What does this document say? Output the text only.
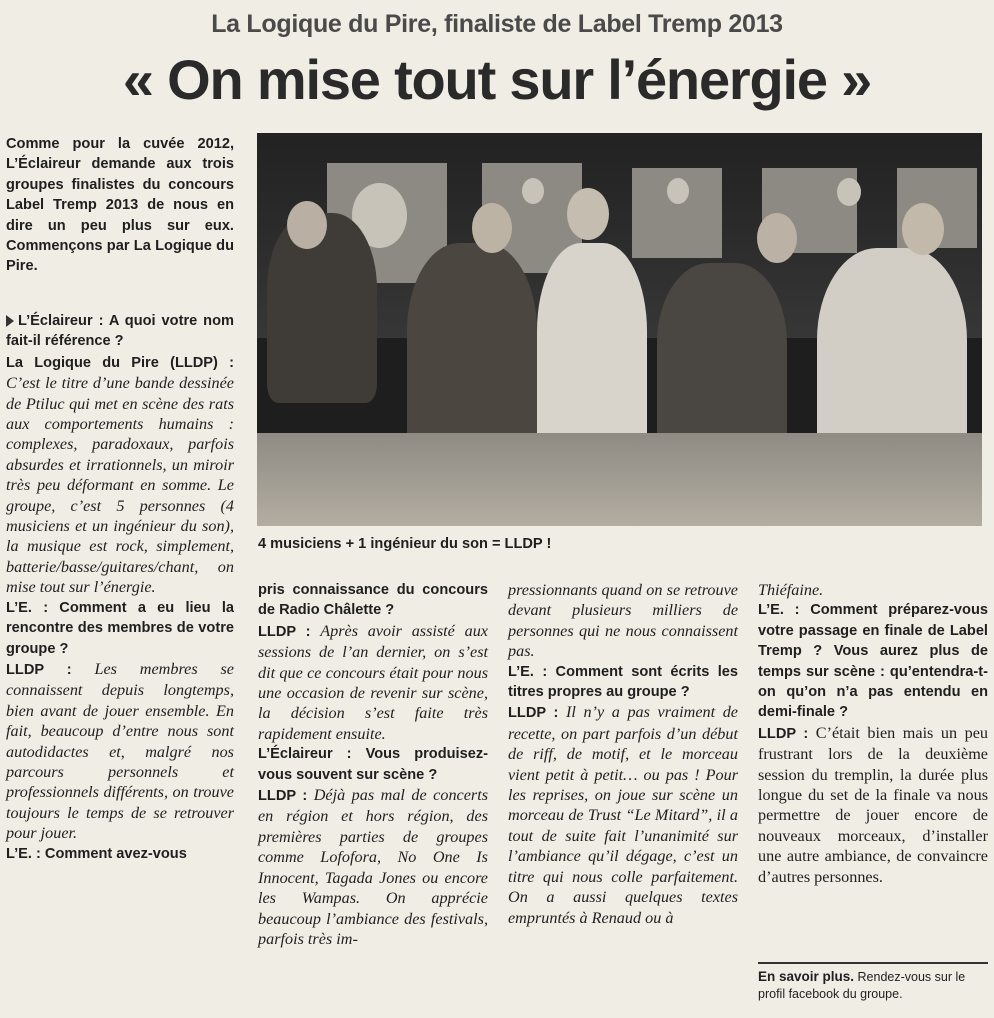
La Logique du Pire, finaliste de Label Tremp 2013
« On mise tout sur l’énergie »
Comme pour la cuvée 2012, L’Éclaireur demande aux trois groupes finalistes du concours Label Tremp 2013 de nous en dire un peu plus sur eux. Commençons par La Logique du Pire.
4 musiciens + 1 ingénieur du son = LLDP !

L’Éclaireur : A quoi votre nom fait-il référence ?

La Logique du Pire (LLDP) : C’est le titre d’une bande dessinée de Ptiluc qui met en scène des rats aux comportements humains : complexes, paradoxaux, parfois absurdes et irrationnels, un miroir très peu déformant en somme. Le groupe, c’est 5 personnes (4 musiciens et un ingénieur du son), la musique est rock, simplement, batterie/basse/guitares/chant, on mise tout sur l’énergie.

L’E. : Comment a eu lieu la rencontre des membres de votre groupe ?

LLDP : Les membres se connaissent depuis longtemps, bien avant de jouer ensemble. En fait, beaucoup d’entre nous sont autodidactes et, malgré nos parcours personnels et professionnels différents, on trouve toujours le temps de se retrouver pour jouer.

L’E. : Comment avez-vous

pris connaissance du concours de Radio Châlette ?

LLDP : Après avoir assisté aux sessions de l’an dernier, on s’est dit que ce concours était pour nous une occasion de revenir sur scène, la décision s’est faite très rapidement ensuite.

L’Éclaireur : Vous produisez-vous souvent sur scène ?

LLDP : Déjà pas mal de concerts en région et hors région, des premières parties de groupes comme Lofofora, No One Is Innocent, Tagada Jones ou encore les Wampas. On apprécie beaucoup l’ambiance des festivals, parfois très im-

pressionnants quand on se retrouve devant plusieurs milliers de personnes qui ne nous connaissent pas.

L’E. : Comment sont écrits les titres propres au groupe ?

LLDP : Il n’y a pas vraiment de recette, on part parfois d’un début de riff, de motif, et le morceau vient petit à petit… ou pas ! Pour les reprises, on joue sur scène un morceau de Trust “Le Mitard”, il a tout de suite fait l’unanimité sur l’ambiance qu’il dégage, c’est un titre qui nous colle parfaitement. On a aussi quelques textes empruntés à Renaud ou à

Thiéfaine.

L’E. : Comment préparez-vous votre passage en finale de Label Tremp ? Vous aurez plus de temps sur scène : qu’entendra-t-on qu’on n’a pas entendu en demi-finale ?

LLDP : C’était bien mais un peu frustrant lors de la deuxième session du tremplin, la durée plus longue du set de la finale va nous permettre de jouer encore de nouveaux morceaux, d’installer une autre ambiance, de convaincre d’autres personnes.

En savoir plus. Rendez-vous sur le profil facebook du groupe.
